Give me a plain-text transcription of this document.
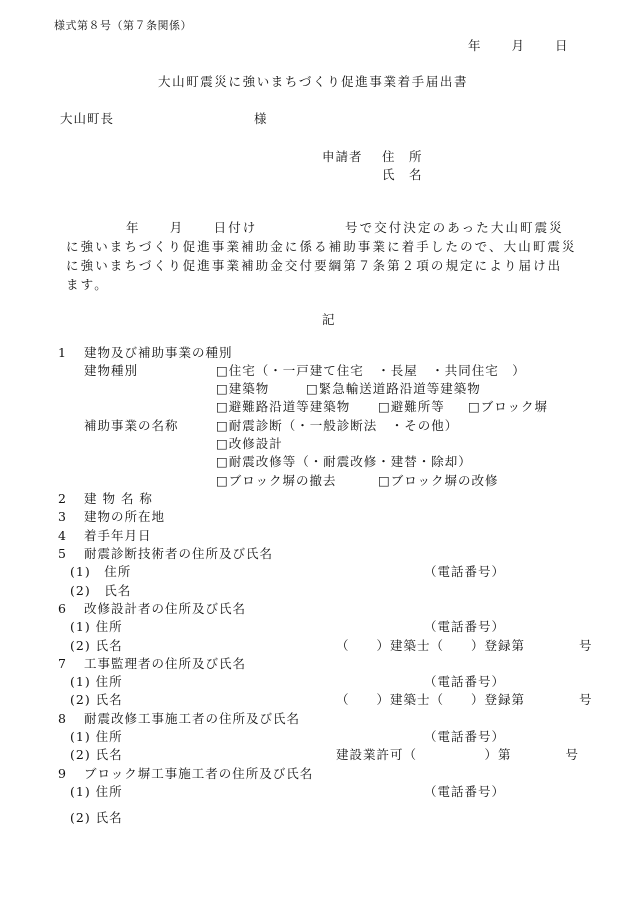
様式第８号（第７条関係）
年　　月　　日
大山町震災に強いまちづくり促進事業着手届出書
大山町長	様
申請者 住　所
氏　名
年　　月　　日付け　　　　　　号で交付決定のあった大山町震災
に強いまちづくり促進事業補助金に係る補助事業に着手したので、大山町震災
に強いまちづくり促進事業補助金交付要綱第７条第２項の規定により届け出
ます。
記
1 建物及び補助事業の種別
建物種別	□住宅（・一戸建て住宅　・長屋　・共同住宅　）
□建築物	□緊急輸送道路沿道等建築物
□避難路沿道等建築物 □避難所等 □ブロック塀
補助事業の名称	□耐震診断（・一般診断法　・その他）
□改修設計
□耐震改修等（・耐震改修・建替・除却）
□ブロック塀の撤去	□ブロック塀の改修
2 建 物 名 称
3 建物の所在地
4 着手年月日
5 耐震診断技術者の住所及び氏名
(1)　住所	（電話番号）
(2)　氏名
6 改修設計者の住所及び氏名
(1) 住所	（電話番号）
(2) 氏名	（　　）建築士（　　）登録第　　　　号
7 工事監理者の住所及び氏名
(1) 住所	（電話番号）
(2) 氏名	（　　）建築士（　　）登録第　　　　号
8 耐震改修工事施工者の住所及び氏名
(1) 住所	（電話番号）
(2) 氏名	建設業許可（　　　　　）第　　　　号
9 ブロック塀工事施工者の住所及び氏名
(1) 住所	（電話番号）
(2) 氏名
